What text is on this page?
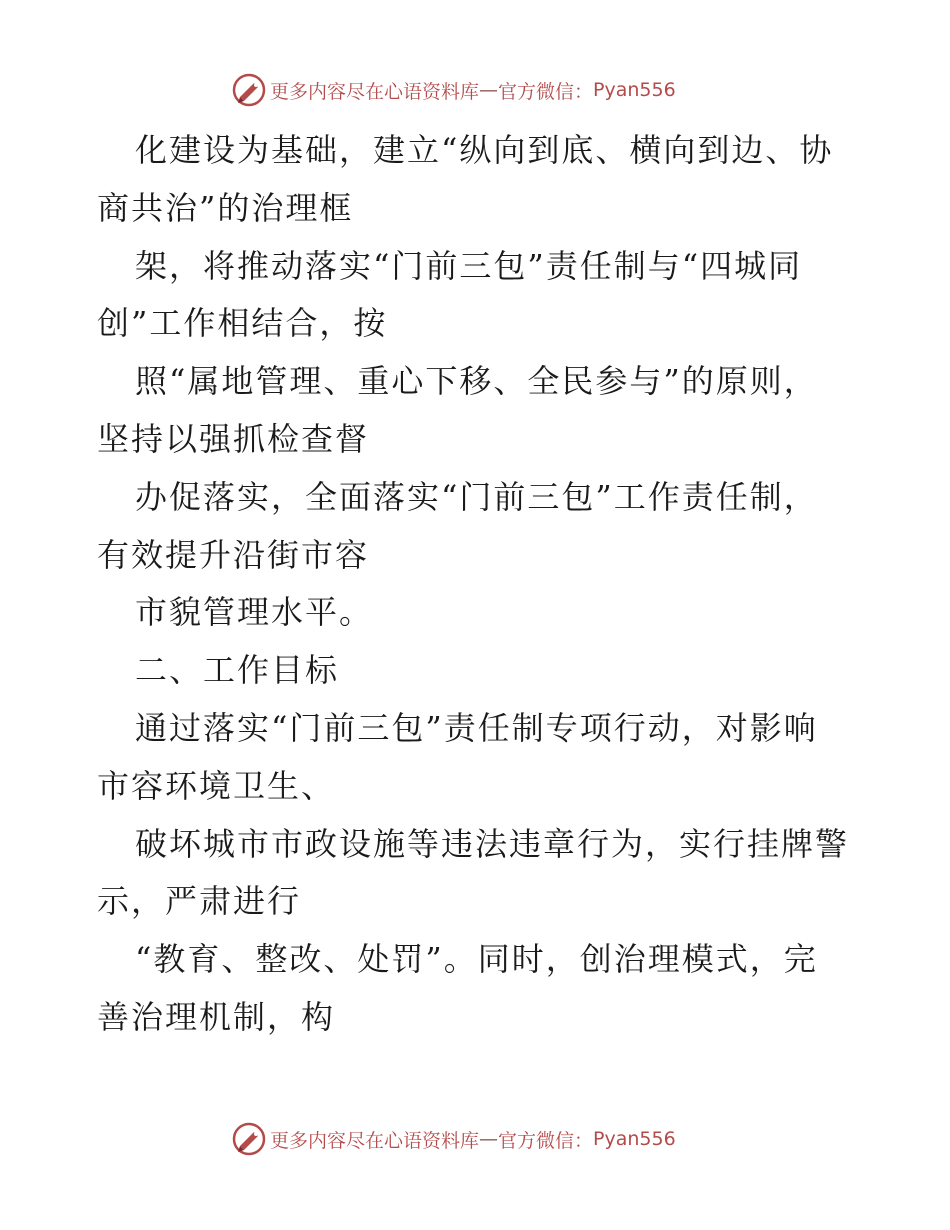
更多内容尽在心语资料库 — 官方微信： Pyan556
化建设为基础，建立“纵向到底、横向到边、协
商共治”的治理框
架，将推动落实“门前三包”责任制与“四城同
创”工作相结合，按
照“属地管理、重心下移、全民参与”的原则，
坚持以强抓检查督
办促落实，全面落实“门前三包”工作责任制，
有效提升沿街市容
市貌管理水平。
二、工作目标
通过落实“门前三包”责任制专项行动，对影响
市容环境卫生、
破坏城市市政设施等违法违章行为，实行挂牌警
示，严肃进行
“教育、整改、处罚”。同时，创治理模式，完
善治理机制，构
更多内容尽在心语资料库 — 官方微信： Pyan556
